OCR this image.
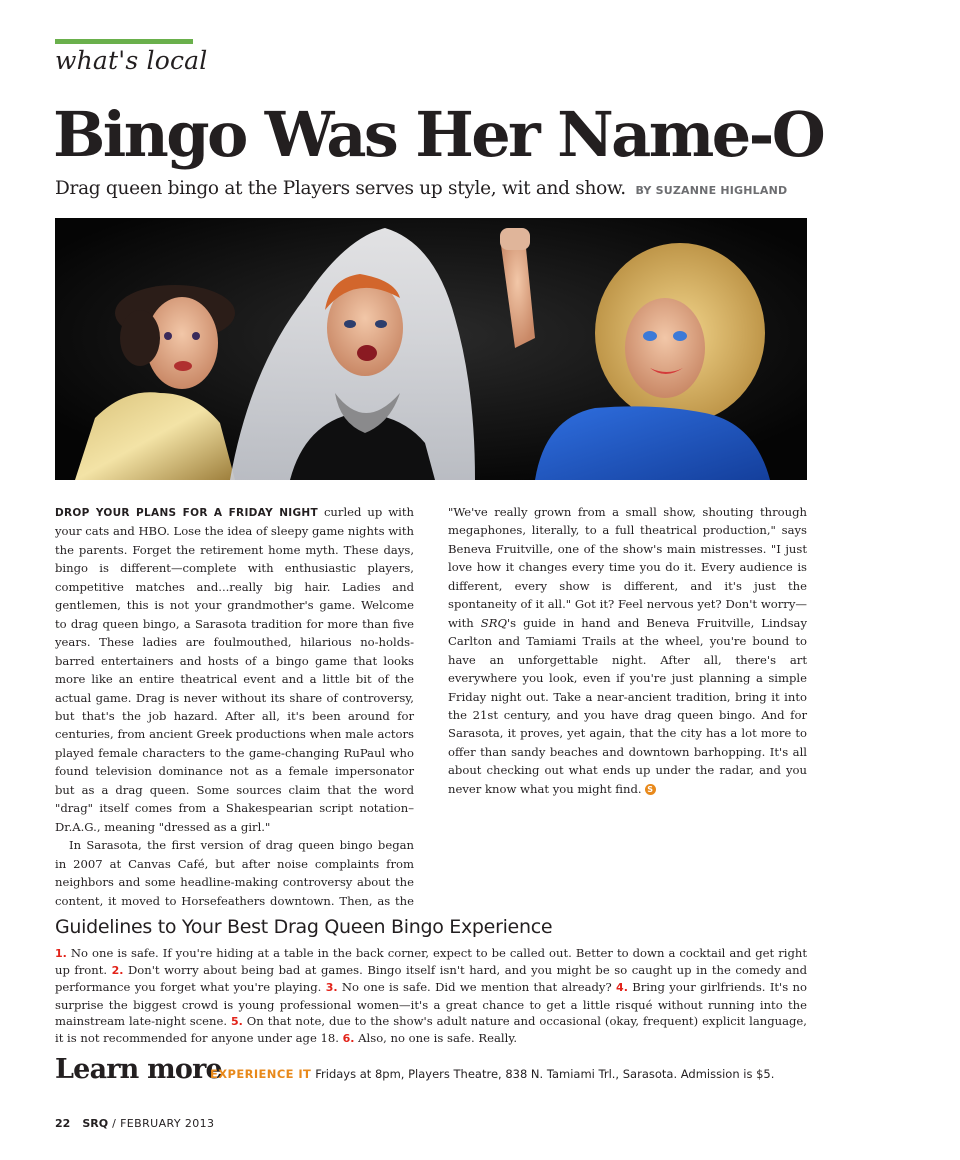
what's local
Bingo Was Her Name-O
Drag queen bingo at the Players serves up style, wit and show. BY SUZANNE HIGHLAND

DROP YOUR PLANS FOR A FRIDAY NIGHT curled up with your cats and HBO. Lose the idea of sleepy game nights with the parents. Forget the retirement home myth. These days, bingo is different—complete with enthusiastic players, competitive matches and...really big hair. Ladies and gentlemen, this is not your grandmother's game. Welcome to drag queen bingo, a Sarasota tradition for more than five years. These ladies are foulmouthed, hilarious no-holds-barred entertainers and hosts of a bingo game that looks more like an entire theatrical event and a little bit of the actual game. Drag is never without its share of controversy, but that's the job hazard. After all, it's been around for centuries, from ancient Greek productions when male actors played female characters to the game-changing RuPaul who found television dominance not as a female impersonator but as a drag queen. Some sources claim that the word "drag" itself comes from a Shakespearian script notation– Dr.A.G., meaning "dressed as a girl."

In Sarasota, the first version of drag queen bingo began in 2007 at Canvas Café, but after noise complaints from neighbors and some headline-making controversy about the content, it moved to Horsefeathers downtown. Then, as the

"We've really grown from a small show, shouting through megaphones, literally, to a full theatrical production," says Beneva Fruitville, one of the show's main mistresses. "I just love how it changes every time you do it. Every audience is different, every show is different, and it's just the spontaneity of it all." Got it? Feel nervous yet? Don't worry— with SRQ's guide in hand and Beneva Fruitville, Lindsay Carlton and Tamiami Trails at the wheel, you're bound to have an unforgettable night. After all, there's art everywhere you look, even if you're just planning a simple Friday night out. Take a near-ancient tradition, bring it into the 21st century, and you have drag queen bingo. And for Sarasota, it proves, yet again, that the city has a lot more to offer than sandy beaches and downtown barhopping. It's all about checking out what ends up under the radar, and you never know what you might find. S

Guidelines to Your Best Drag Queen Bingo Experience
1. No one is safe. If you're hiding at a table in the back corner, expect to be called out. Better to down a cocktail and get right up front. 2. Don't worry about being bad at games. Bingo itself isn't hard, and you might be so caught up in the comedy and performance you forget what you're playing. 3. No one is safe. Did we mention that already? 4. Bring your girlfriends. It's no surprise the biggest crowd is young professional women—it's a great chance to get a little risqué without running into the mainstream late-night scene. 5. On that note, due to the show's adult nature and occasional (okay, frequent) explicit language, it is not recommended for anyone under age 18. 6. Also, no one is safe. Really.
Learn more
EXPERIENCE IT Fridays at 8pm, Players Theatre, 838 N. Tamiami Trl., Sarasota. Admission is $5.
22 SRQ / FEBRUARY 2013
